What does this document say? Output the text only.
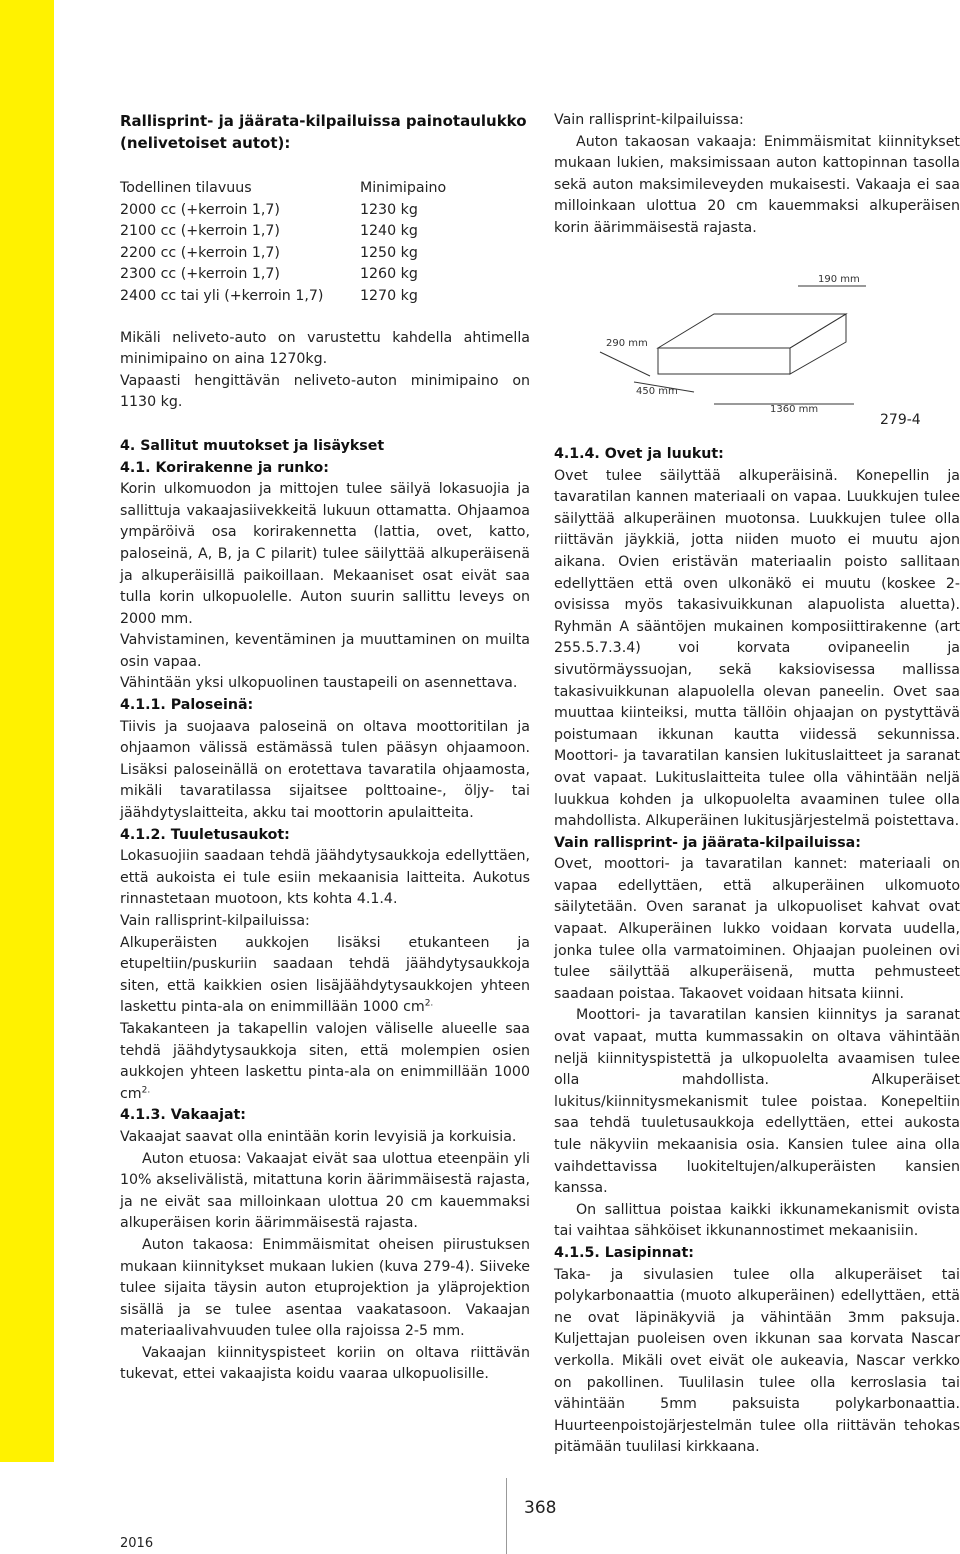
Rallisprint- ja jäärata-kilpailuissa painotaulukko (nelivetoiset autot):
Todellinen tilavuus	Minimipaino
2000 cc (+kerroin 1,7)	1230 kg
2100 cc (+kerroin 1,7)	1240 kg
2200 cc (+kerroin 1,7)	1250 kg
2300 cc (+kerroin 1,7)	1260 kg
2400 cc tai yli (+kerroin 1,7)	1270 kg

Mikäli neliveto-auto on varustettu kahdella ahtimella minimipaino on aina 1270kg.

Vapaasti hengittävän neliveto-auton minimipaino on 1130 kg.

4. Sallitut muutokset ja lisäykset

4.1. Korirakenne ja runko:

Korin ulkomuodon ja mittojen tulee säilyä lokasuojia ja sallittuja vakaajasiivekkeitä lukuun ottamatta. Ohjaamoa ympäröivä osa korirakennetta (lattia, ovet, katto, paloseinä, A, B, ja C pilarit) tulee säilyttää alkuperäisenä ja alkuperäisillä paikoillaan. Mekaaniset osat eivät saa tulla korin ulkopuolelle. Auton suurin sallittu leveys on 2000 mm.

Vahvistaminen, keventäminen ja muuttaminen on muilta osin vapaa.

Vähintään yksi ulkopuolinen taustapeili on asennettava.

4.1.1. Paloseinä:

Tiivis ja suojaava paloseinä on oltava moottoritilan ja ohjaamon välissä estämässä tulen pääsyn ohjaamoon. Lisäksi paloseinällä on erotettava tavaratila ohjaamosta, mikäli tavaratilassa sijaitsee polttoaine-, öljy- tai jäähdytyslaitteita, akku tai moottorin apulaitteita.

4.1.2. Tuuletusaukot:

Lokasuojiin saadaan tehdä jäähdytysaukkoja edellyttäen, että aukoista ei tule esiin mekaanisia laitteita. Aukotus rinnastetaan muotoon, kts kohta 4.1.4.

Vain rallisprint-kilpailuissa:

Alkuperäisten aukkojen lisäksi etukanteen ja etupeltiin/puskuriin saadaan tehdä jäähdytysaukkoja siten, että kaikkien osien lisäjäähdytysaukkojen yhteen laskettu pinta-ala on enimmillään 1000 $cm^{2.}$

Takakanteen ja takapellin valojen väliselle alueelle saa tehdä jäähdytysaukkoja siten, että molempien osien aukkojen yhteen laskettu pinta-ala on enimmillään 1000 $cm^{2.}$

4.1.3. Vakaajat:

Vakaajat saavat olla enintään korin levyisiä ja korkuisia.

Auton etuosa: Vakaajat eivät saa ulottua eteenpäin yli 10% akselivälistä, mitattuna korin äärimmäisestä rajasta, ja ne eivät saa milloinkaan ulottua 20 cm kauemmaksi alkuperäisen korin äärimmäisestä rajasta.

Auton takaosa: Enimmäismitat oheisen piirustuksen mukaan kiinnitykset mukaan lukien (kuva 279-4). Siiveke tulee sijaita täysin auton etuprojektion ja yläprojektion sisällä ja se tulee asentaa vaakatasoon. Vakaajan materiaalivahvuuden tulee olla rajoissa 2-5 mm.

Vakaajan kiinnityspisteet koriin on oltava riittävän tukevat, ettei vakaajista koidu vaaraa ulkopuolisille.

Vain rallisprint-kilpailuissa:

Auton takaosan vakaaja: Enimmäismitat kiinnitykset mukaan lukien, maksimissaan auton kattopinnan tasolla sekä auton maksimileveyden mukaisesti. Vakaaja ei saa milloinkaan ulottua 20 cm kauemmaksi alkuperäisen korin äärimmäisestä rajasta.

190 mm
290 mm
450 mm
1360 mm
279-4

4.1.4. Ovet ja luukut:

Ovet tulee säilyttää alkuperäisinä. Konepellin ja tavaratilan kannen materiaali on vapaa. Luukkujen tulee säilyttää alkuperäinen muotonsa. Luukkujen tulee olla riittävän jäykkiä, jotta niiden muoto ei muutu ajon aikana. Ovien eristävän materiaalin poisto sallitaan edellyttäen että oven ulkonäkö ei muutu (koskee 2-ovisissa myös takasivuikkunan alapuolista aluetta). Ryhmän A sääntöjen mukainen komposiittirakenne (art 255.5.7.3.4) voi korvata ovipaneelin ja sivutörmäyssuojan, sekä kaksiovisessa mallissa takasivuikkunan alapuolella olevan paneelin. Ovet saa muuttaa kiinteiksi, mutta tällöin ohjaajan on pystyttävä poistumaan ikkunan kautta viidessä sekunnissa. Moottori- ja tavaratilan kansien lukituslaitteet ja saranat ovat vapaat. Lukituslaitteita tulee olla vähintään neljä luukkua kohden ja ulkopuolelta avaaminen tulee olla mahdollista. Alkuperäinen lukitusjärjestelmä poistettava.

Vain rallisprint- ja jäärata-kilpailuissa:

Ovet, moottori- ja tavaratilan kannet: materiaali on vapaa edellyttäen, että alkuperäinen ulkomuoto säilytetään. Oven saranat ja ulkopuoliset kahvat ovat vapaat. Alkuperäinen lukko voidaan korvata uudella, jonka tulee olla varmatoiminen. Ohjaajan puoleinen ovi tulee säilyttää alkuperäisenä, mutta pehmusteet saadaan poistaa. Takaovet voidaan hitsata kiinni.

Moottori- ja tavaratilan kansien kiinnitys ja saranat ovat vapaat, mutta kummassakin on oltava vähintään neljä kiinnityspistettä ja ulkopuolelta avaamisen tulee olla mahdollista. Alkuperäiset lukitus/kiinnitysmekanismit tulee poistaa. Konepeltiin saa tehdä tuuletusaukkoja edellyttäen, ettei aukosta tule näkyviin mekaanisia osia. Kansien tulee aina olla vaihdettavissa luokiteltujen/alkuperäisten kansien kanssa.

On sallittua poistaa kaikki ikkunamekanismit ovista tai vaihtaa sähköiset ikkunannostimet mekaanisiin.

4.1.5. Lasipinnat:

Taka- ja sivulasien tulee olla alkuperäiset tai polykarbonaattia (muoto alkuperäinen) edellyttäen, että ne ovat läpinäkyviä ja vähintään 3mm paksuja. Kuljettajan puoleisen oven ikkunan saa korvata Nascar verkolla. Mikäli ovet eivät ole aukeavia, Nascar verkko on pakollinen. Tuulilasin tulee olla kerroslasia tai vähintään 5mm paksuista polykarbonaattia. Huurteenpoistojärjestelmän tulee olla riittävän tehokas pitämään tuulilasi kirkkaana.

368
2016
